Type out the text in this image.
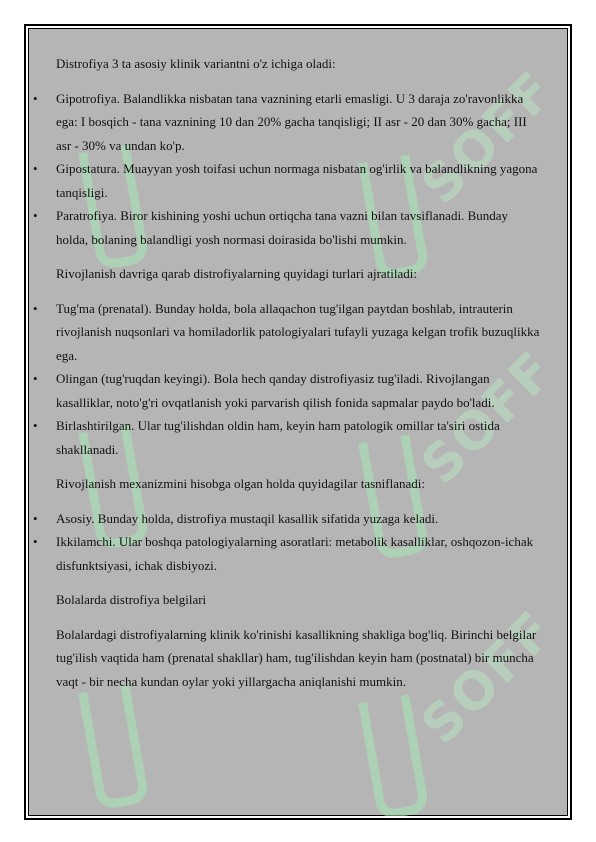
SOFF
SOFF
SOFF

Distrofiya 3 ta asosiy klinik variantni o'z ichiga oladi:

• Gipotrofiya. Balandlikka nisbatan tana vaznining etarli emasligi. U 3 daraja zo'ravonlikka ega: I bosqich - tana vaznining 10 dan 20% gacha tanqisligi; II asr - 20 dan 30% gacha; III asr - 30% va undan ko'p.
• Gipostatura. Muayyan yosh toifasi uchun normaga nisbatan og'irlik va balandlikning yagona tanqisligi.
• Paratrofiya. Biror kishining yoshi uchun ortiqcha tana vazni bilan tavsiflanadi. Bunday holda, bolaning balandligi yosh normasi doirasida bo'lishi mumkin.

Rivojlanish davriga qarab distrofiyalarning quyidagi turlari ajratiladi:

• Tug'ma (prenatal). Bunday holda, bola allaqachon tug'ilgan paytdan boshlab, intrauterin rivojlanish nuqsonlari va homiladorlik patologiyalari tufayli yuzaga kelgan trofik buzuqlikka ega.
• Olingan (tug'ruqdan keyingi). Bola hech qanday distrofiyasiz tug'iladi. Rivojlangan kasalliklar, noto'g'ri ovqatlanish yoki parvarish qilish fonida sapmalar paydo bo'ladi.
• Birlashtirilgan. Ular tug'ilishdan oldin ham, keyin ham patologik omillar ta'siri ostida shakllanadi.

Rivojlanish mexanizmini hisobga olgan holda quyidagilar tasniflanadi:

• Asosiy. Bunday holda, distrofiya mustaqil kasallik sifatida yuzaga keladi.
• Ikkilamchi. Ular boshqa patologiyalarning asoratlari: metabolik kasalliklar, oshqozon-ichak disfunktsiyasi, ichak disbiyozi.

Bolalarda distrofiya belgilari

Bolalardagi distrofiyalarning klinik ko'rinishi kasallikning shakliga bog'liq. Birinchi belgilar tug'ilish vaqtida ham (prenatal shakllar) ham, tug'ilishdan keyin ham (postnatal) bir muncha vaqt - bir necha kundan oylar yoki yillargacha aniqlanishi mumkin.
